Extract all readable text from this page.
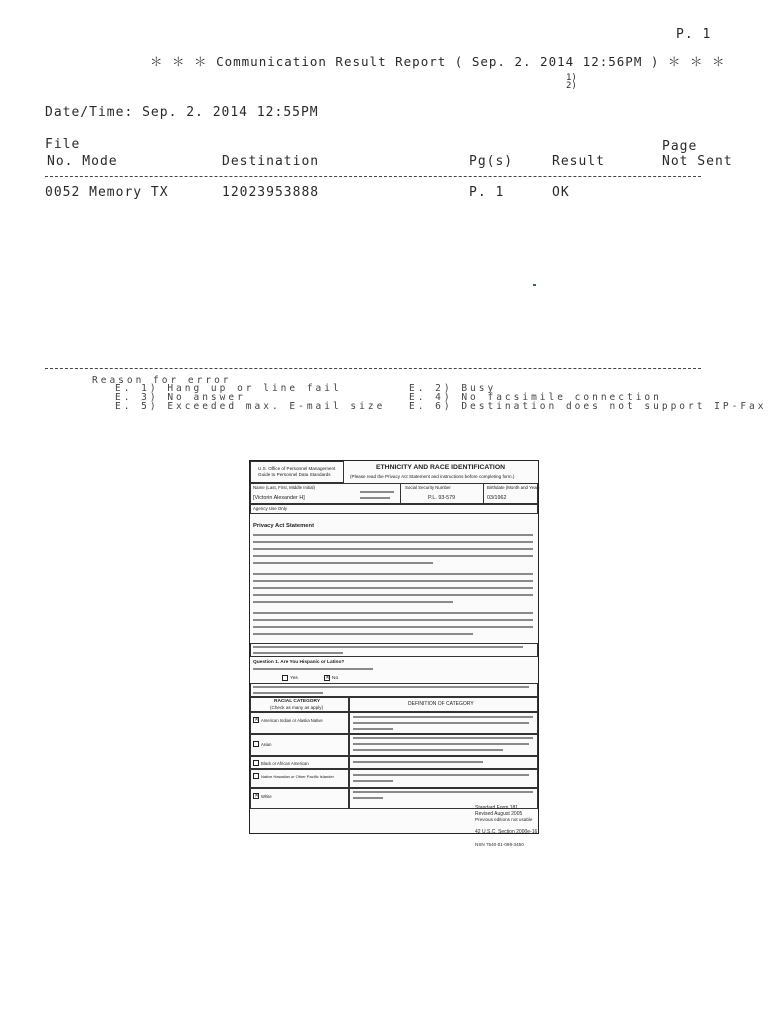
P. 1
＊ ＊ ＊ Communication Result Report ( Sep. 2. 2014 12:56PM ) ＊ ＊ ＊
1)
2)
Date/Time: Sep. 2. 2014 12:55PM
File
No. Mode	Destination	Pg(s)	Result
Page
Not Sent
0052 Memory TX	12023953888	P. 1	OK
Reason for error
E. 1) Hang up or line fail
E. 3) No answer
E. 5) Exceeded max. E-mail size
E. 2) Busy
E. 4) No facsimile connection
E. 6) Destination does not support IP-Fax
U.S. Office of Personnel Management
Guide to Personnel Data Standards
ETHNICITY AND RACE IDENTIFICATION
(Please read the Privacy Act Statement and instructions before completing form.)
Name (Last, First, Middle Initial)	Social Security Number	Birthdate (Month and Year)
[Victorin Alexander H]	P.L. 93-579	03/1962
Agency Use Only
Privacy Act Statement
Question 1. Are You Hispanic or Latino?
Yes	× No
RACIAL CATEGORY
(Check as many as apply)
DEFINITION OF CATEGORY
× American Indian or Alaska Native
Asian
Black or African American
Native Hawaiian or Other Pacific Islander
× White
Standard Form 181
Revised August 2005
Previous editions not usable
42 U.S.C. Section 2000e-16
NSN 7540-01-099-3450
